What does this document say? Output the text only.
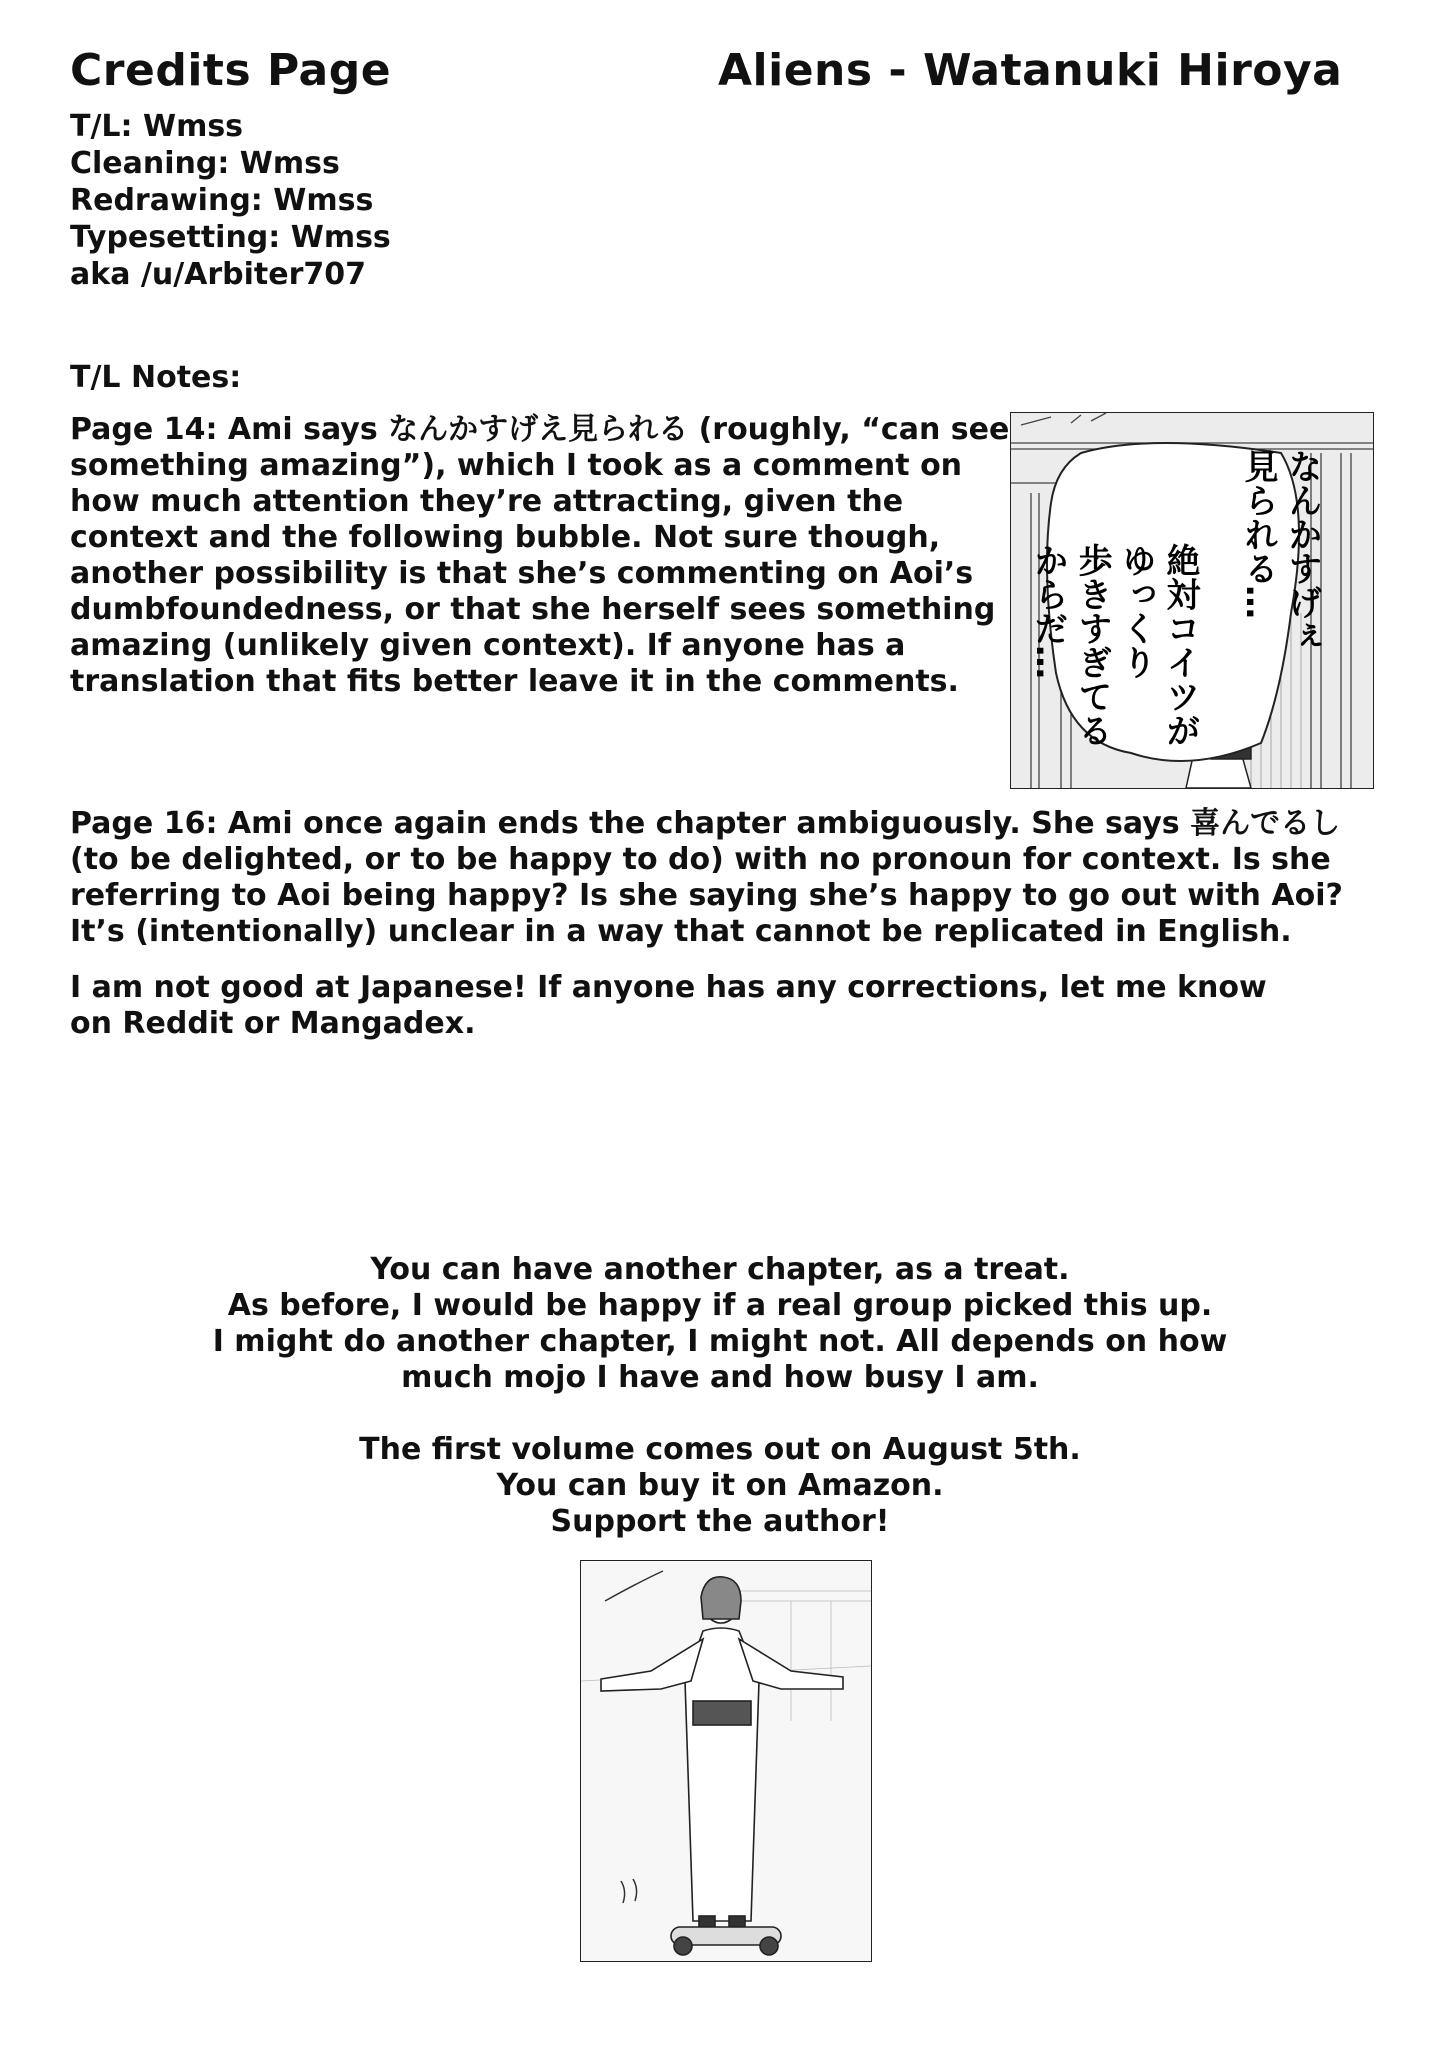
Credits Page	Aliens - Watanuki Hiroya
T/L: Wmss
Cleaning: Wmss
Redrawing: Wmss
Typesetting: Wmss
aka /u/Arbiter707
T/L Notes:
Page 14: Ami says なんかすげえ見られる (roughly, “can see
something amazing”), which I took as a comment on
how much attention they’re attracting, given the
context and the following bubble. Not sure though,
another possibility is that she’s commenting on Aoi’s
dumbfoundedness, or that she herself sees something
amazing (unlikely given context). If anyone has a
translation that fits better leave it in the comments.
なんかすげぇ
見られる…
絶対コイツが
ゆっくり
歩きすぎてる
からだ…
Page 16: Ami once again ends the chapter ambiguously. She says 喜んでるし
(to be delighted, or to be happy to do) with no pronoun for context. Is she
referring to Aoi being happy? Is she saying she’s happy to go out with Aoi?
It’s (intentionally) unclear in a way that cannot be replicated in English.
I am not good at Japanese! If anyone has any corrections, let me know
on Reddit or Mangadex.
You can have another chapter, as a treat.
As before, I would be happy if a real group picked this up.
I might do another chapter, I might not. All depends on how
much mojo I have and how busy I am.
The first volume comes out on August 5th.
You can buy it on Amazon.
Support the author!
